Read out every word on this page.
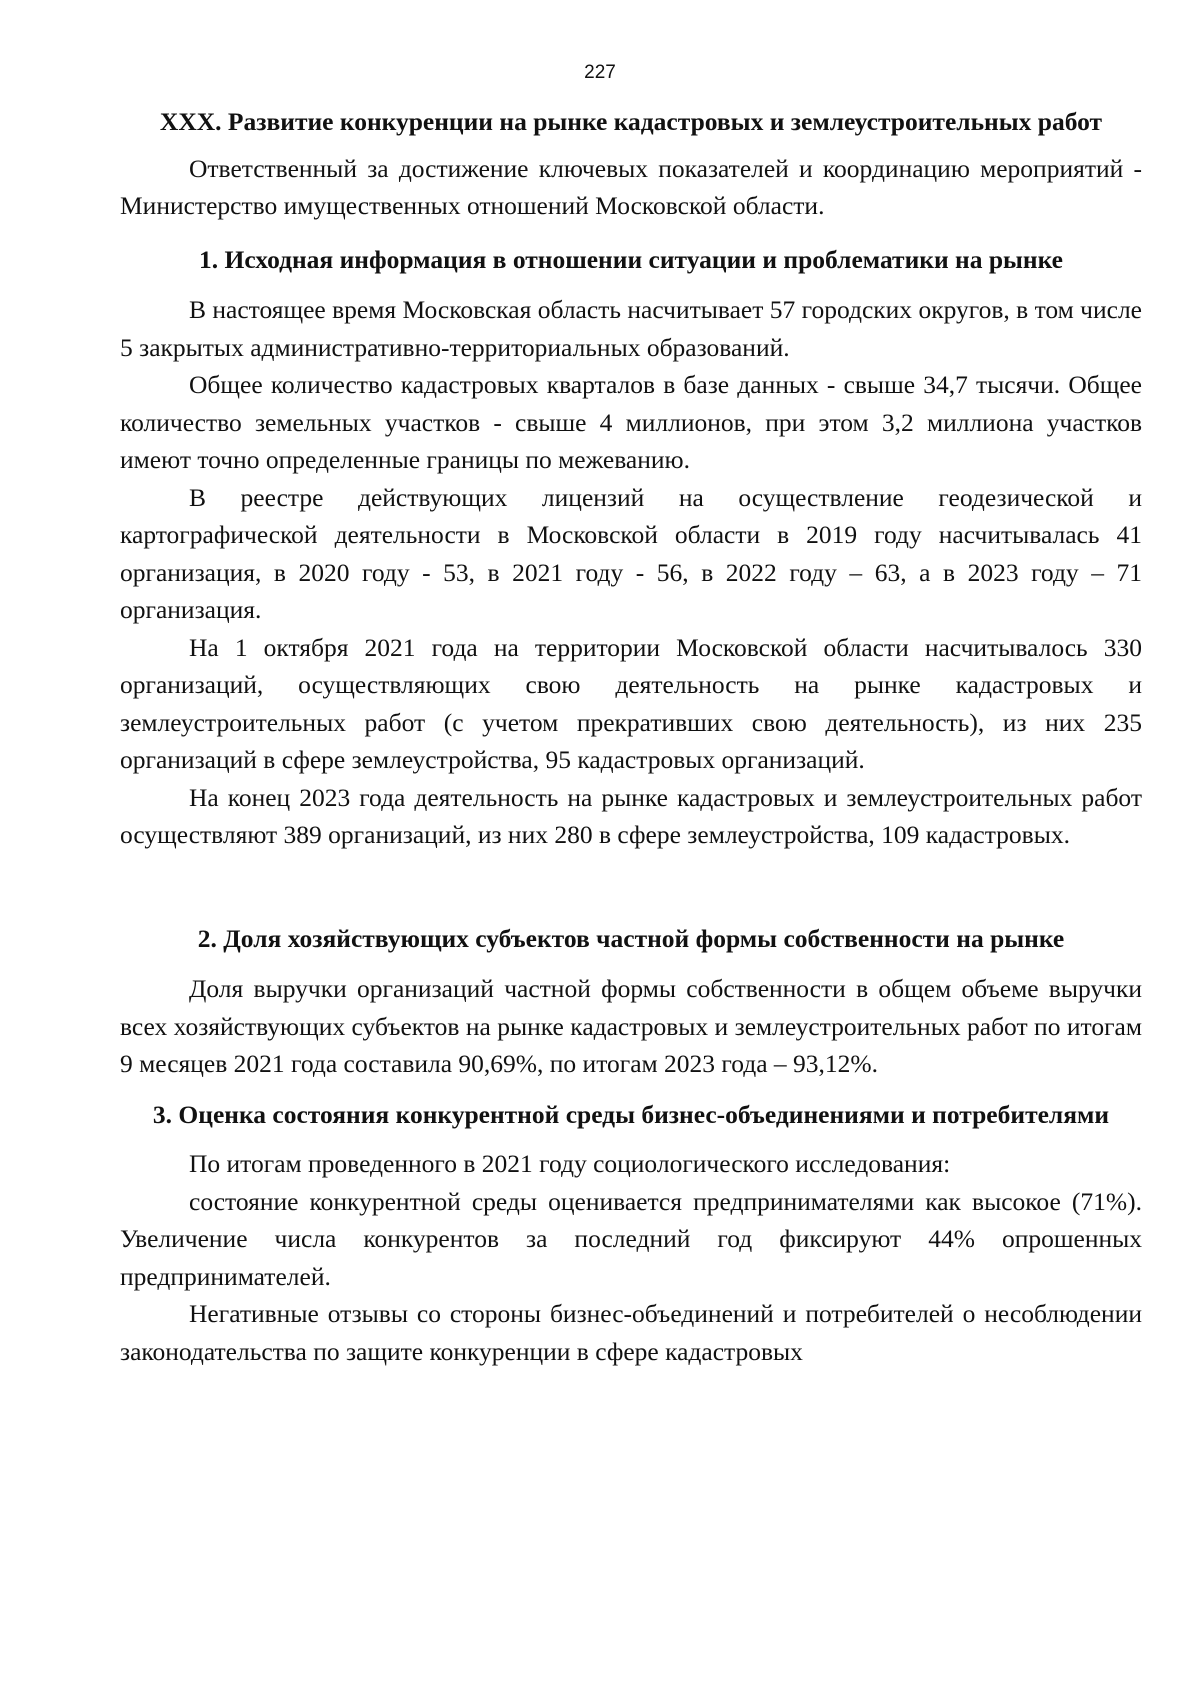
227
XXX. Развитие конкуренции на рынке кадастровых и землеустроительных работ

Ответственный за достижение ключевых показателей и координацию мероприятий - Министерство имущественных отношений Московской области.

1. Исходная информация в отношении ситуации и проблематики на рынке

В настоящее время Московская область насчитывает 57 городских округов, в том числе 5 закрытых административно-территориальных образований.

Общее количество кадастровых кварталов в базе данных - свыше 34,7 тысячи. Общее количество земельных участков - свыше 4 миллионов, при этом 3,2 миллиона участков имеют точно определенные границы по межеванию.

В реестре действующих лицензий на осуществление геодезической и картографической деятельности в Московской области в 2019 году насчитывалась 41 организация, в 2020 году - 53, в 2021 году - 56, в 2022 году – 63, а в 2023 году – 71 организация.

На 1 октября 2021 года на территории Московской области насчитывалось 330 организаций, осуществляющих свою деятельность на рынке кадастровых и землеустроительных работ (с учетом прекративших свою деятельность), из них 235 организаций в сфере землеустройства, 95 кадастровых организаций.

На конец 2023 года деятельность на рынке кадастровых и землеустроительных работ осуществляют 389 организаций, из них 280 в сфере землеустройства, 109 кадастровых.

2. Доля хозяйствующих субъектов частной формы собственности на рынке

Доля выручки организаций частной формы собственности в общем объеме выручки всех хозяйствующих субъектов на рынке кадастровых и землеустроительных работ по итогам 9 месяцев 2021 года составила 90,69%, по итогам 2023 года – 93,12%.

3. Оценка состояния конкурентной среды бизнес-объединениями и потребителями

По итогам проведенного в 2021 году социологического исследования:

состояние конкурентной среды оценивается предпринимателями как высокое (71%). Увеличение числа конкурентов за последний год фиксируют 44% опрошенных предпринимателей.

Негативные отзывы со стороны бизнес-объединений и потребителей о несоблюдении законодательства по защите конкуренции в сфере кадастровых
